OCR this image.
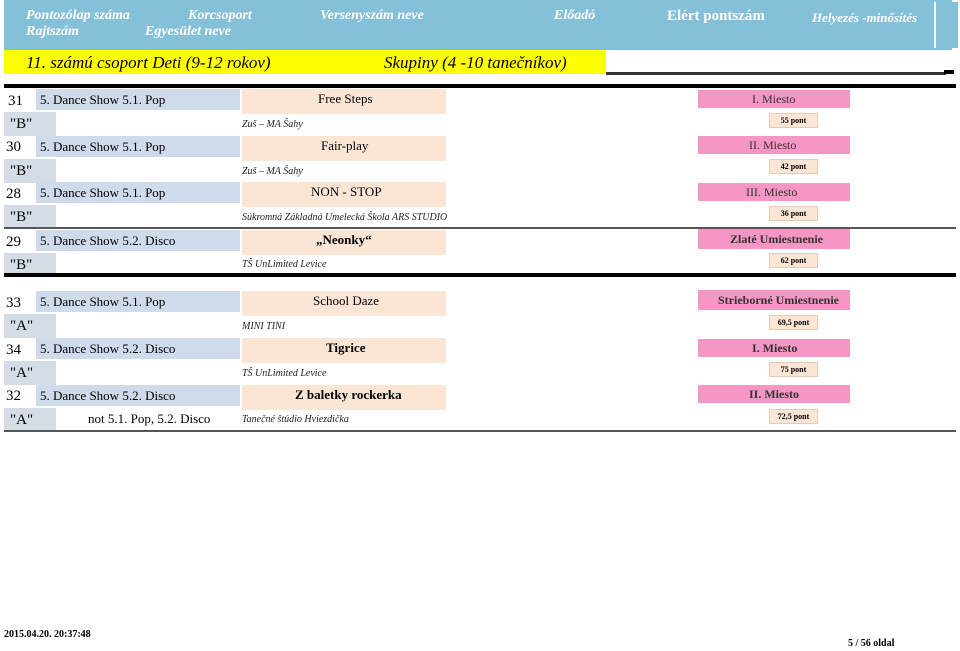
Pontozólap száma
Rajtszám
Korcsoport
Egyesület neve
Versenyszám neve	Előadó	Elért pontszám	Helyezés -minősítés
11. számú csoport Deti (9-12 rokov)	Skupiny (4 -10 tanečníkov)
31 5. Dance Show 5.1. Pop	Free Steps	I. Miesto
"B"	Zuš – MA Šahy	55 pont
30 5. Dance Show 5.1. Pop	Fair-play	II. Miesto
"B"	Zuš – MA Šahy	42 pont
28 5. Dance Show 5.1. Pop	NON - STOP	III. Miesto
"B"	Súkromná Základná Umelecká Škola ARS STUDIO	36 pont
29 5. Dance Show 5.2. Disco	„Neonky“	Zlaté Umiestnenie
"B"	TŠ UnLimited Levice	62 pont
33 5. Dance Show 5.1. Pop	School Daze	Strieborné Umiestnenie
"A"	MINI TINI	69,5 pont
34 5. Dance Show 5.2. Disco	Tigrice	I. Miesto
"A"	TŠ UnLimited Levice	75 pont
32 5. Dance Show 5.2. Disco	Z baletky rockerka	II. Miesto
"A"	not 5.1. Pop, 5.2. Disco	Tanečné štúdio Hviezdička	72,5 pont
2015.04.20. 20:37:48
5 / 56 oldal
